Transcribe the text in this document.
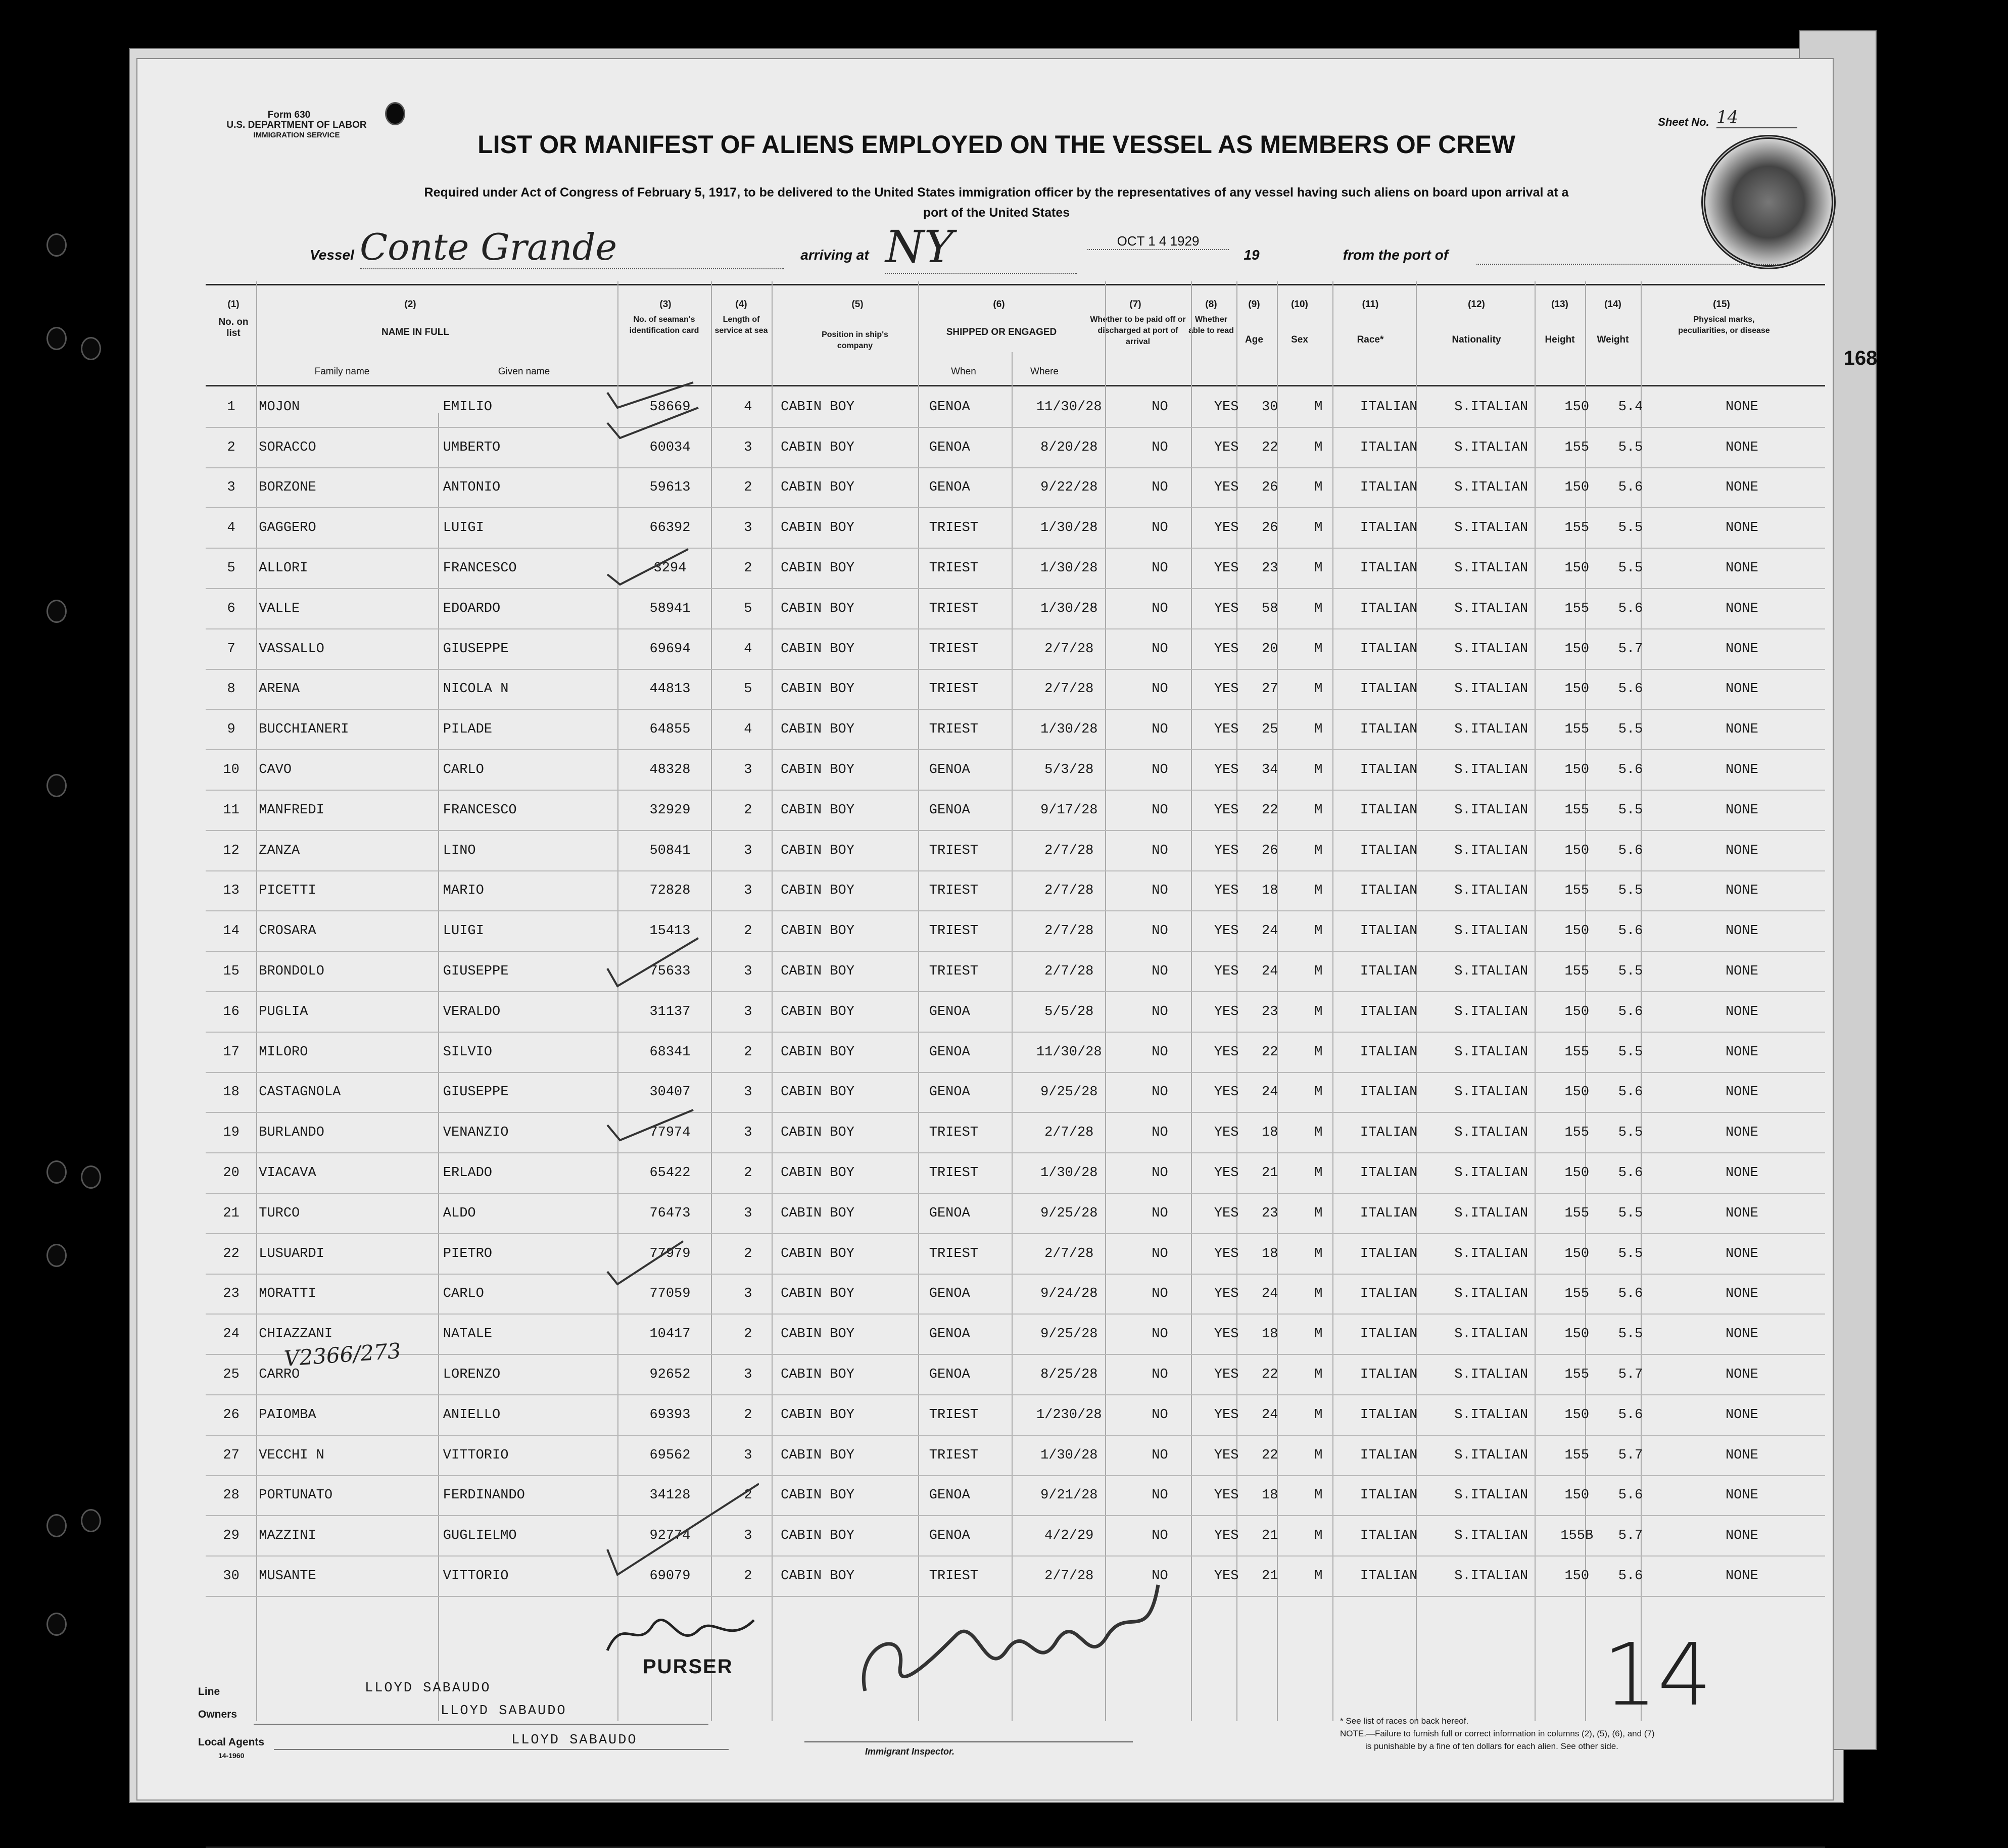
Form 630
U.S. DEPARTMENT OF LABOR
IMMIGRATION SERVICE
Sheet No. 14
LIST OR MANIFEST OF ALIENS EMPLOYED ON THE VESSEL AS MEMBERS OF CREW
Required under Act of Congress of February 5, 1917, to be delivered to the United States immigration officer by the representatives of any vessel having such aliens on board upon arrival at a
port of the United States
Vessel Conte Grande	arriving at NY	OCT 1 4 1929
19	from the port of
168
(1)
No. on list
(2)
NAME IN FULL
Family name	Given name
(3)
No. of seaman's identification card
(4)
Length of service at sea
(5)
Position in ship's company
(6)
SHIPPED OR ENGAGED
When	Where
(7)
Whether to be paid off or discharged at port of arrival
(8)
Whether able to read
(9)
Age
(10)
Sex
(11)
Race*
(12)
Nationality
(13)
Height
(14)
Weight
(15)
Physical marks, peculiarities, or disease
1	MOJON	EMILIO	58669	4	CABIN BOY	GENOA	11/30/28	NO	YES	30	M	ITALIAN	S.ITALIAN	150	5.4	NONE
2	SORACCO	UMBERTO	60034	3	CABIN BOY	GENOA	8/20/28	NO	YES	22	M	ITALIAN	S.ITALIAN	155	5.5	NONE
3	BORZONE	ANTONIO	59613	2	CABIN BOY	GENOA	9/22/28	NO	YES	26	M	ITALIAN	S.ITALIAN	150	5.6	NONE
4	GAGGERO	LUIGI	66392	3	CABIN BOY	TRIEST	1/30/28	NO	YES	26	M	ITALIAN	S.ITALIAN	155	5.5	NONE
5	ALLORI	FRANCESCO	3294	2	CABIN BOY	TRIEST	1/30/28	NO	YES	23	M	ITALIAN	S.ITALIAN	150	5.5	NONE
6	VALLE	EDOARDO	58941	5	CABIN BOY	TRIEST	1/30/28	NO	YES	58	M	ITALIAN	S.ITALIAN	155	5.6	NONE
7	VASSALLO	GIUSEPPE	69694	4	CABIN BOY	TRIEST	2/7/28	NO	YES	20	M	ITALIAN	S.ITALIAN	150	5.7	NONE
8	ARENA	NICOLA N	44813	5	CABIN BOY	TRIEST	2/7/28	NO	YES	27	M	ITALIAN	S.ITALIAN	150	5.6	NONE
9	BUCCHIANERI	PILADE	64855	4	CABIN BOY	TRIEST	1/30/28	NO	YES	25	M	ITALIAN	S.ITALIAN	155	5.5	NONE
10	CAVO	CARLO	48328	3	CABIN BOY	GENOA	5/3/28	NO	YES	34	M	ITALIAN	S.ITALIAN	150	5.6	NONE
11	MANFREDI	FRANCESCO	32929	2	CABIN BOY	GENOA	9/17/28	NO	YES	22	M	ITALIAN	S.ITALIAN	155	5.5	NONE
12	ZANZA	LINO	50841	3	CABIN BOY	TRIEST	2/7/28	NO	YES	26	M	ITALIAN	S.ITALIAN	150	5.6	NONE
13	PICETTI	MARIO	72828	3	CABIN BOY	TRIEST	2/7/28	NO	YES	18	M	ITALIAN	S.ITALIAN	155	5.5	NONE
14	CROSARA	LUIGI	15413	2	CABIN BOY	TRIEST	2/7/28	NO	YES	24	M	ITALIAN	S.ITALIAN	150	5.6	NONE
15	BRONDOLO	GIUSEPPE	75633	3	CABIN BOY	TRIEST	2/7/28	NO	YES	24	M	ITALIAN	S.ITALIAN	155	5.5	NONE
16	PUGLIA	VERALDO	31137	3	CABIN BOY	GENOA	5/5/28	NO	YES	23	M	ITALIAN	S.ITALIAN	150	5.6	NONE
17	MILORO	SILVIO	68341	2	CABIN BOY	GENOA	11/30/28	NO	YES	22	M	ITALIAN	S.ITALIAN	155	5.5	NONE
18	CASTAGNOLA	GIUSEPPE	30407	3	CABIN BOY	GENOA	9/25/28	NO	YES	24	M	ITALIAN	S.ITALIAN	150	5.6	NONE
19	BURLANDO	VENANZIO	77974	3	CABIN BOY	TRIEST	2/7/28	NO	YES	18	M	ITALIAN	S.ITALIAN	155	5.5	NONE
20	VIACAVA	ERLADO	65422	2	CABIN BOY	TRIEST	1/30/28	NO	YES	21	M	ITALIAN	S.ITALIAN	150	5.6	NONE
21	TURCO	ALDO	76473	3	CABIN BOY	GENOA	9/25/28	NO	YES	23	M	ITALIAN	S.ITALIAN	155	5.5	NONE
22	LUSUARDI	PIETRO	77979	2	CABIN BOY	TRIEST	2/7/28	NO	YES	18	M	ITALIAN	S.ITALIAN	150	5.5	NONE
23	MORATTI	CARLO	77059	3	CABIN BOY	GENOA	9/24/28	NO	YES	24	M	ITALIAN	S.ITALIAN	155	5.6	NONE
24	CHIAZZANI	NATALE	10417	2	CABIN BOY	GENOA	9/25/28	NO	YES	18	M	ITALIAN	S.ITALIAN	150	5.5	NONE
25	CARRO	LORENZO	92652	3	CABIN BOY	GENOA	8/25/28	NO	YES	22	M	ITALIAN	S.ITALIAN	155	5.7	NONE
26	PAIOMBA	ANIELLO	69393	2	CABIN BOY	TRIEST	1/230/28	NO	YES	24	M	ITALIAN	S.ITALIAN	150	5.6	NONE
27	VECCHI N	VITTORIO	69562	3	CABIN BOY	TRIEST	1/30/28	NO	YES	22	M	ITALIAN	S.ITALIAN	155	5.7	NONE
28	PORTUNATO	FERDINANDO	34128	2	CABIN BOY	GENOA	9/21/28	NO	YES	18	M	ITALIAN	S.ITALIAN	150	5.6	NONE
29	MAZZINI	GUGLIELMO	92774	3	CABIN BOY	GENOA	4/2/29	NO	YES	21	M	ITALIAN	S.ITALIAN	155B	5.7	NONE
30	MUSANTE	VITTORIO	69079	2	CABIN BOY	TRIEST	2/7/28	NO	YES	21	M	ITALIAN	S.ITALIAN	150	5.6	NONE
V2366/273
14
Line	LLOYD SABAUDO
Owners	LLOYD SABAUDO
Local Agents	LLOYD SABAUDO
14-1960
PURSER
Immigrant Inspector.
* See list of races on back hereof.
NOTE.—Failure to furnish full or correct information in columns (2), (5), (6), and (7)
is punishable by a fine of ten dollars for each alien. See other side.
